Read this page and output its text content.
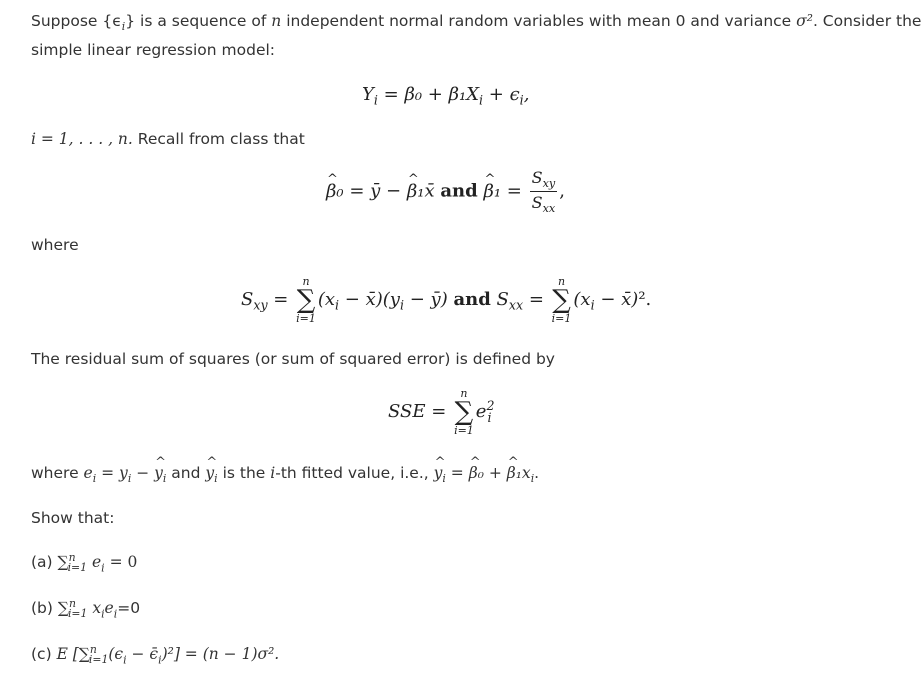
Suppose $\{\epsilon_i\}$ is a sequence of n independent normal random variables with mean 0 and variance σ². Consider the
simple linear regression model:
$Y_i = \beta_0 + \beta_1X_i + \epsilon_i$,
i = 1, . . . , n. Recall from class that
^ β₀ = ȳ − ^ β₁x̄ and ^ $\beta_1 = \frac{S_{xy}}{S_{xx}}$ ,
where
$S_{xy}$ =
n
∑
i=1
($x_i$ − $x̄)(y_i$ − ȳ) and $S_{xx}$ =
n
∑
i=1
($x_i$ − x̄)².
The residual sum of squares (or sum of squared error) is defined by
SSE =
n
∑
i=1
$e^2_i$
where $e_i = y_i$ − ^ $y_i$ and ^ $y_i$ is the i-th fitted value, i.e., ^ $y_i$ = ^ β₀ + ^ $\beta_1x_i$.
Show that:
(a) ∑$^n_{i=1}$ $e_i = 0$
(b) ∑$^n_{i=1}$ $x_ie_i=0$
(c) E [$\sum^n_{i=1}(\epsilon_i$ − $\epsilon̄_i)^2] = (n - 1)\sigma^2$.
